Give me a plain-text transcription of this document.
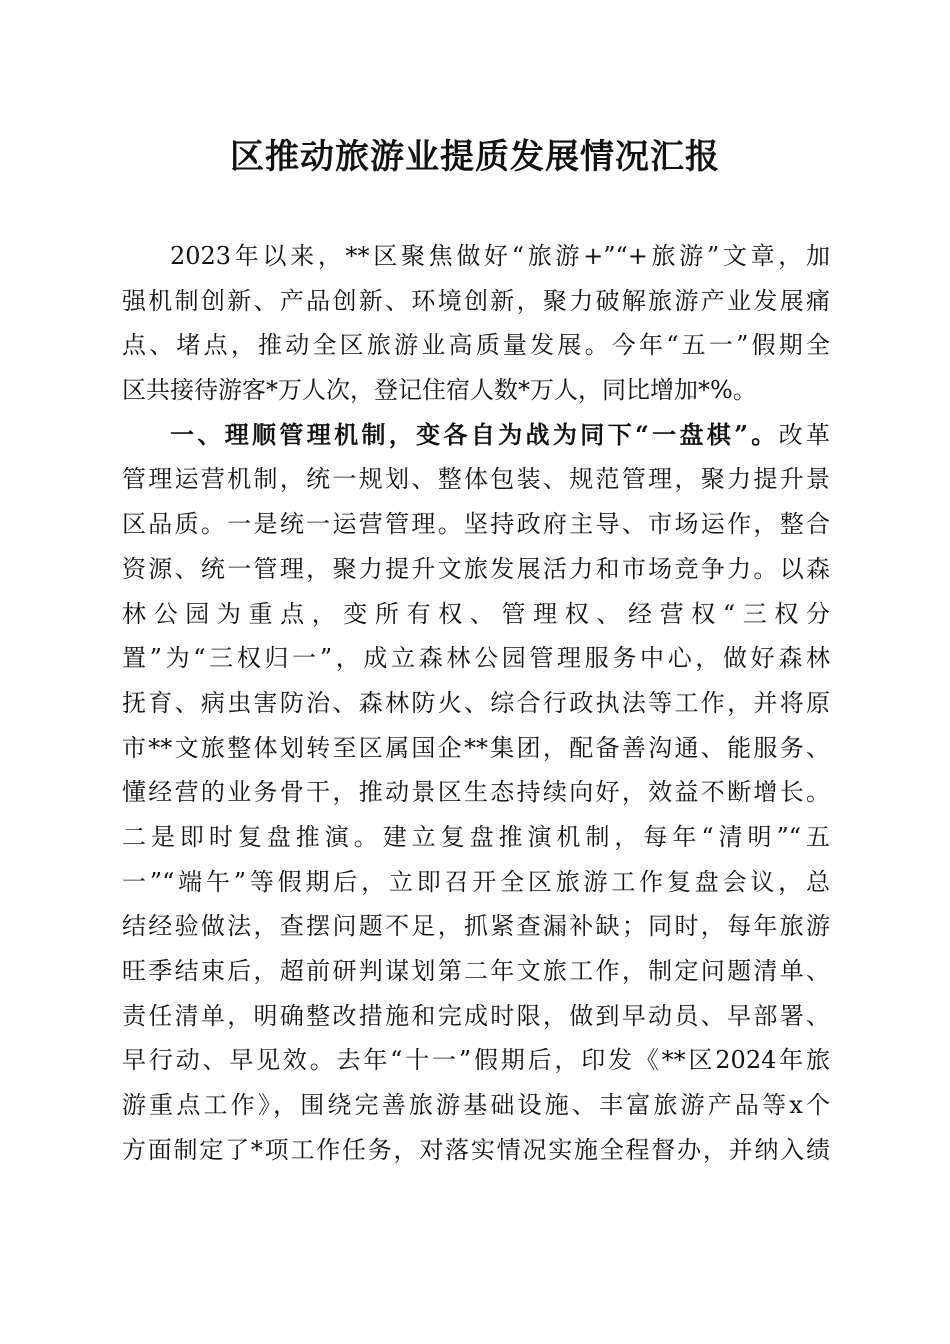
区推动旅游业提质发展情况汇报
2023年以来，**区聚焦做好“旅游+”“+旅游”文章，加
强机制创新、产品创新、环境创新，聚力破解旅游产业发展痛
点、堵点，推动全区旅游业高质量发展。今年“五一”假期全
区共接待游客*万人次，登记住宿人数*万人，同比增加*%。
一、理顺管理机制，变各自为战为同下“一盘棋”。改革
管理运营机制，统一规划、整体包装、规范管理，聚力提升景
区品质。一是统一运营管理。坚持政府主导、市场运作，整合
资源、统一管理，聚力提升文旅发展活力和市场竞争力。以森
林公园为重点，变所有权、管理权、经营权“三权分
置”为“三权归一”，成立森林公园管理服务中心，做好森林
抚育、病虫害防治、森林防火、综合行政执法等工作，并将原
市**文旅整体划转至区属国企**集团，配备善沟通、能服务、
懂经营的业务骨干，推动景区生态持续向好，效益不断增长。
二是即时复盘推演。建立复盘推演机制，每年“清明”“五
一”“端午”等假期后，立即召开全区旅游工作复盘会议，总
结经验做法，查摆问题不足，抓紧查漏补缺；同时，每年旅游
旺季结束后，超前研判谋划第二年文旅工作，制定问题清单、
责任清单，明确整改措施和完成时限，做到早动员、早部署、
早行动、早见效。去年“十一”假期后，印发《**区2024年旅
游重点工作》，围绕完善旅游基础设施、丰富旅游产品等x个
方面制定了*项工作任务，对落实情况实施全程督办，并纳入绩
